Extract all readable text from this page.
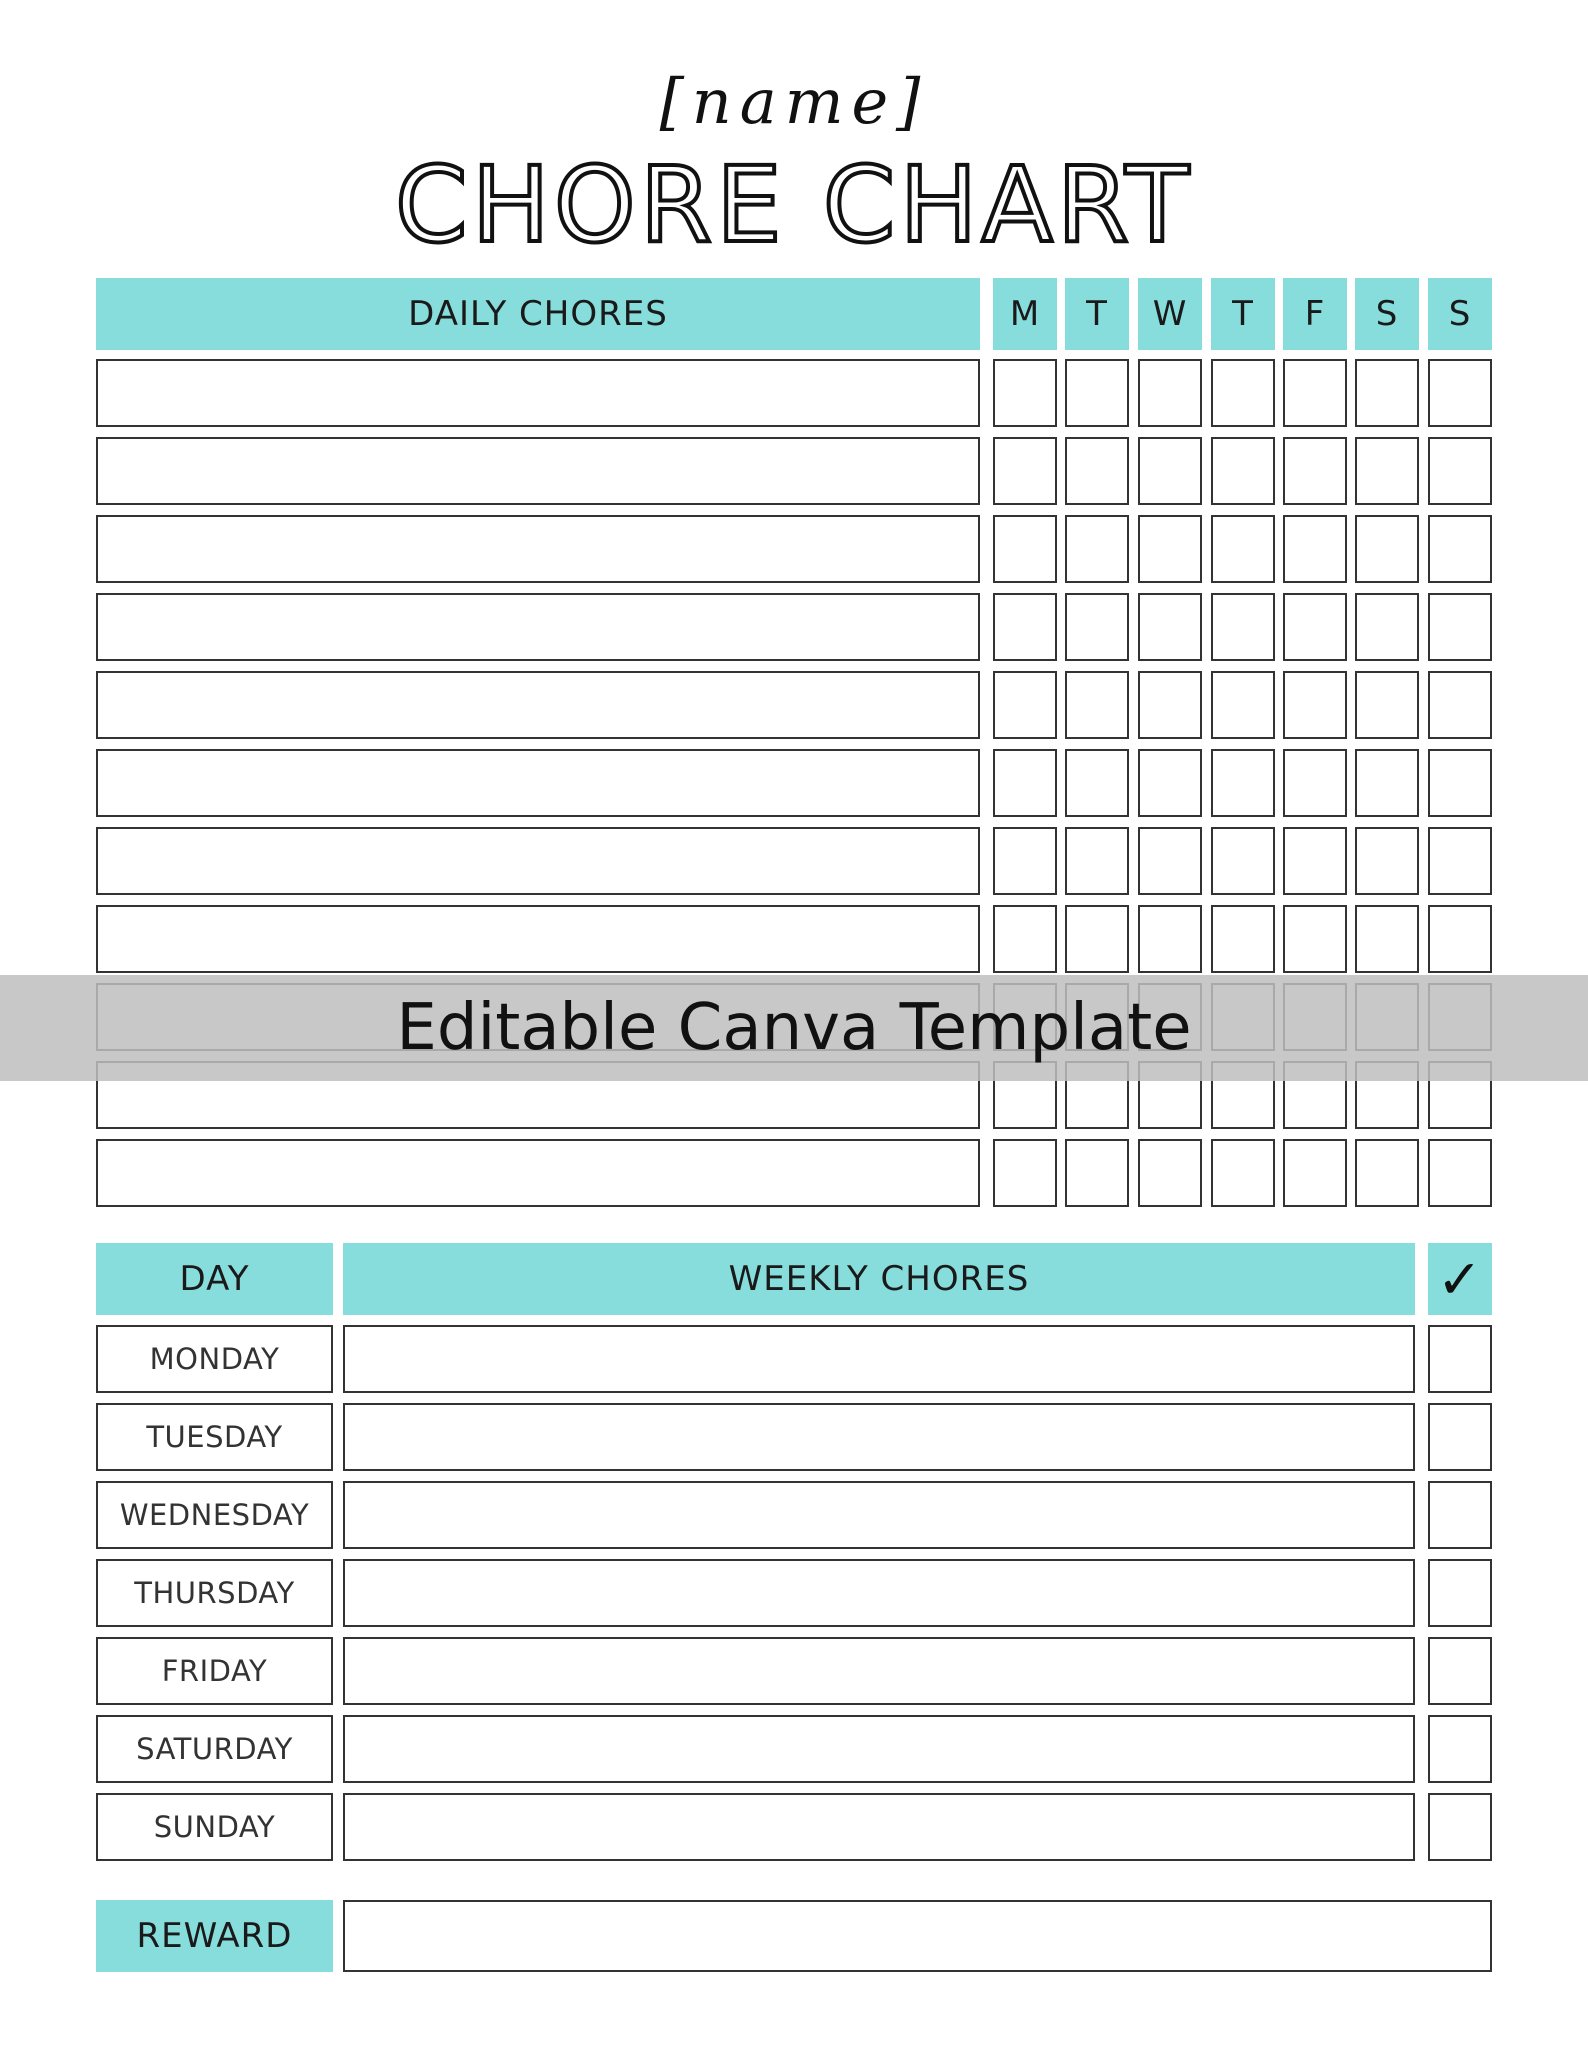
[name]
CHORE CHART
DAILY CHORES	M	T	W	T	F	S	S
DAY	WEEKLY CHORES	✓
MONDAY
TUESDAY
WEDNESDAY
THURSDAY
FRIDAY
SATURDAY
SUNDAY
REWARD
Editable Canva Template
